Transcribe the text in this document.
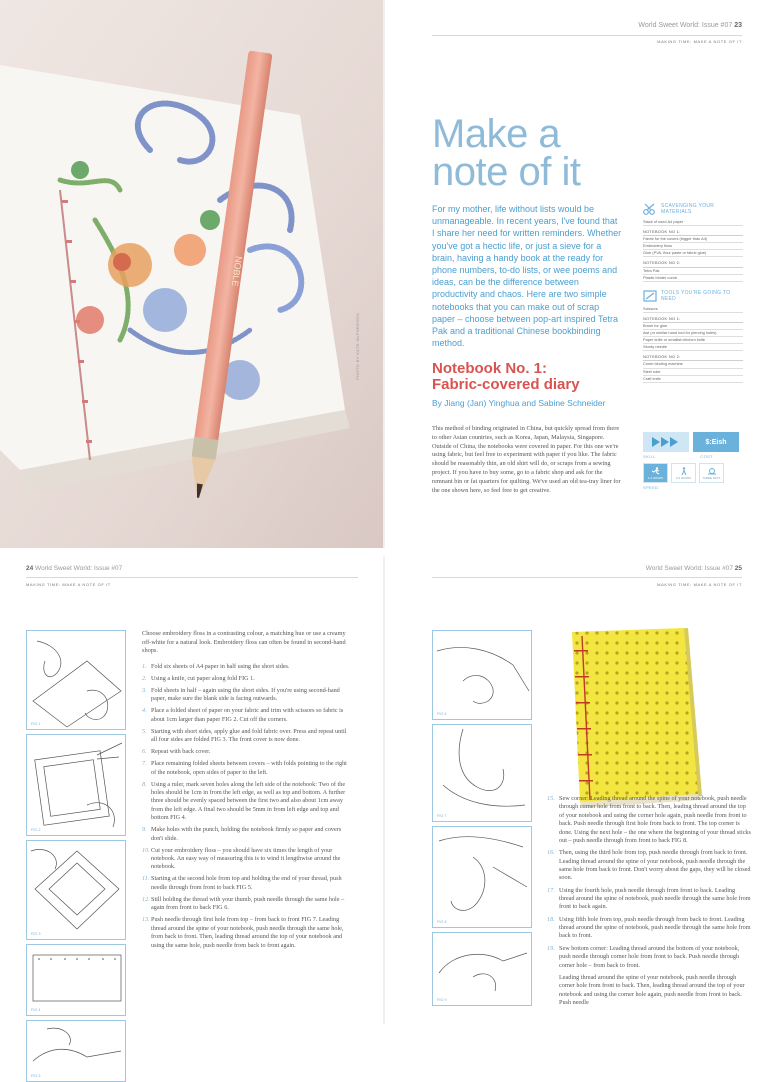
NOBLE
PHOTO BY KATE McPHERSON
World Sweet World: Issue #07 23
MAKING TIME: MAKE A NOTE OF IT
Make a
note of it

For my mother, life without lists would be unmanageable. In recent years, I've found that I share her need for written reminders. Whether you've got a hectic life, or just a sieve for a brain, having a handy book at the ready for phone numbers, to-do lists, or wee poems and ideas, can be the difference between productivity and chaos. Here are two simple notebooks that you can make out of scrap paper – choose between pop-art inspired Tetra Pak and a traditional Chinese bookbinding method.

Notebook No. 1:
Fabric-covered diary
By Jiang (Jan) Yinghua and Sabine Schneider

This method of binding originated in China, but quickly spread from there to other Asian countries, such as Korea, Japan, Malaysia, Singapore. Outside of China, the notebooks were covered in paper. For this one we're using fabric, but feel free to experiment with paper if you like. The fabric should be reasonably thin, an old shirt will do, or scraps from a sewing project. If you have to buy some, go to a fabric shop and ask for the remnant bin or fat quarters for quilting. We've used an old tea-tray liner for the one shown here, so feel free to get creative.

SCAVENGING YOUR MATERIALS
Stack of used A4 paper
NOTEBOOK NO 1:
Fabric for the covers (bigger than A4)
Embroidery floss
Glue (PVA, flour paste or fabric glue)
NOTEBOOK NO 2:
Tetra Pak
Plastic binder comb
TOOLS YOU'RE GOING TO NEED
Scissors
NOTEBOOK NO 1:
Brush for glue
Awl (or similar hand tool for piercing holes)
Paper knife or smallish kitchen knife
Sturdy needle
NOTEBOOK NO 2:
Comb binding machine
Steel ruler
Craft knife
$:Eish
SKILL	COST
1-2 HOURS	3-4 HOURS	THREE DAYS
SPEED
24 World Sweet World: Issue #07
MAKING TIME: MAKE A NOTE OF IT
World Sweet World: Issue #07 25
MAKING TIME: MAKE A NOTE OF IT
FIG 1
FIG 2
FIG 3
FIG 4
FIG 5
Choose embroidery floss in a contrasting colour, a matching hue or use a creamy off-white for a natural look. Embroidery floss can often be found in second-hand shops.
1. Fold six sheets of A4 paper in half using the short sides.
2. Using a knife, cut paper along fold FIG 1.
3. Fold sheets in half – again using the short sides. If you're using second-hand paper, make sure the blank side is facing outwards.
4. Place a folded sheet of paper on your fabric and trim with scissors so fabric is about 1cm larger than paper FIG 2. Cut off the corners.
5. Starting with short sides, apply glue and fold fabric over. Press and repeat until all four sides are folded FIG 3. The front cover is now done.
6. Repeat with back cover.
7. Place remaining folded sheets between covers – with folds pointing to the right of the notebook, open sides of paper to the left.
8. Using a ruler, mark seven holes along the left side of the notebook: Two of the holes should be 1cm in from the left edge, as well as top and bottom. A further three should be evenly spaced between the first two and also about 1cm away from the left edge. A final two should be 5mm in from left edge and top and bottom FIG 4.
9. Make holes with the punch, holding the notebook firmly so paper and covers don't slide.
10. Cut your embroidery floss – you should have six times the length of your notebook. An easy way of measuring this is to wind it lengthwise around the notebook.
11. Starting at the second hole from top and holding the end of your thread, push needle through from front to back FIG 5.
12. Still holding the thread with your thumb, push needle through the same hole – again from front to back FIG 6.
13. Push needle through first hole from top – from back to front FIG 7. Leading thread around the spine of your notebook, push needle through the same hole, from back to front. Then, leading thread around the top of your notebook and using the same hole, push needle from back to front again.
FIG 6
FIG 7
FIG 8
FIG 9
15. Sew corner: Leading thread around the spine of your notebook, push needle through corner hole from front to back. Then, leading thread around the top of your notebook and using the corner hole again, push needle from front to back. Push needle through first hole from back to front. The top corner is done. Using the next hole – the one where the beginning of your thread sticks out – push needle through from front to back FIG 8.
16. Then, using the third hole from top, push needle through from back to front. Leading thread around the spine of your notebook, push needle through the same hole from back to front. Don't worry about the gaps, they will be closed soon.
17. Using the fourth hole, push needle through from front to back. Leading thread around the spine of notebook, push needle through the same hole from front to back again.
18. Using fifth hole from top, push needle through from back to front. Leading thread around the spine of notebook, push needle through the same hole from back to front.
19. Sew bottom corner: Leading thread around the bottom of your notebook, push needle through corner hole from front to back. Push needle through corner hole – from back to front.
Leading thread around the spine of your notebook, push needle through corner hole from front to back. Then, leading thread around the top of your notebook and using the corner hole again, push needle from front to back. Push needle
